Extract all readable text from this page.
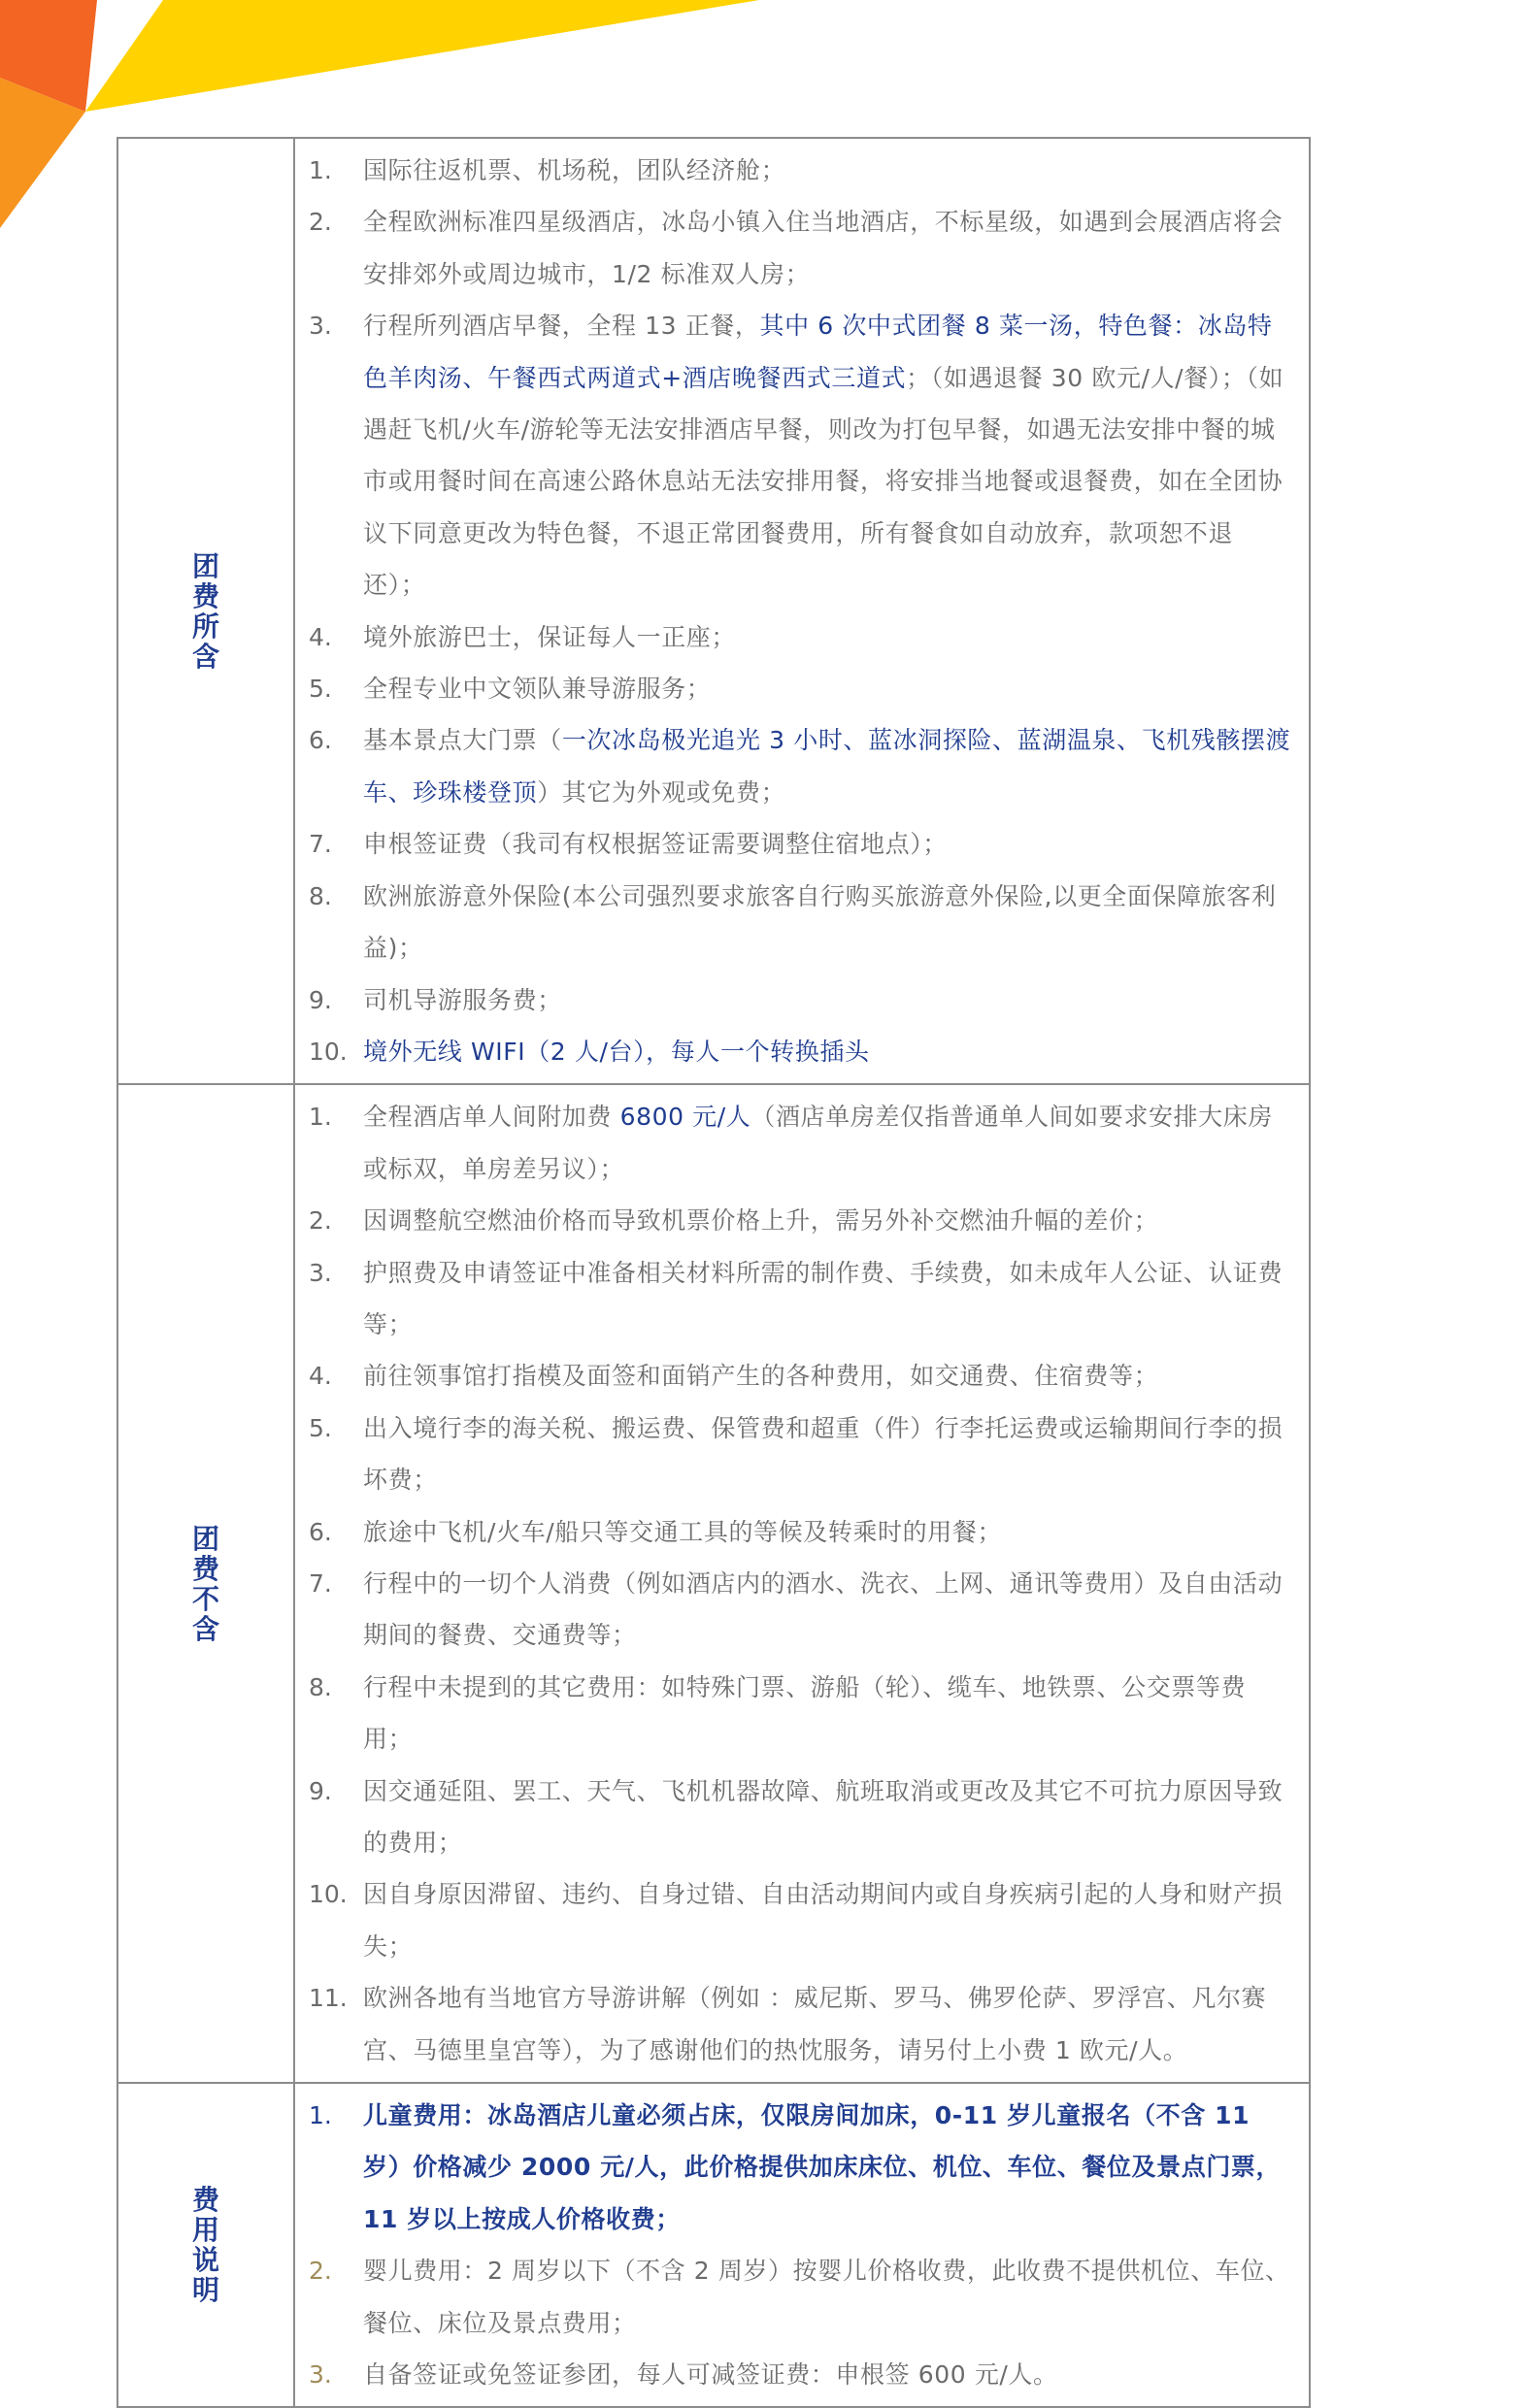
团费所含	
1.	国际往返机票、机场税，团队经济舱；
2.	全程欧洲标准四星级酒店，冰岛小镇入住当地酒店，不标星级，如遇到会展酒店将会安排郊外或周边城市，1/2 标准双人房；
3.	行程所列酒店早餐，全程 13 正餐，其中 6 次中式团餐 8 菜一汤，特色餐：冰岛特色羊肉汤、午餐西式两道式+酒店晚餐西式三道式；（如遇退餐 30 欧元/人/餐）；（如遇赶飞机/火车/游轮等无法安排酒店早餐，则改为打包早餐，如遇无法安排中餐的城市或用餐时间在高速公路休息站无法安排用餐，将安排当地餐或退餐费，如在全团协议下同意更改为特色餐，不退正常团餐费用，所有餐食如自动放弃，款项恕不退还）；
4.	境外旅游巴士，保证每人一正座；
5.	全程专业中文领队兼导游服务；
6.	基本景点大门票（一次冰岛极光追光 3 小时、蓝冰洞探险、蓝湖温泉、飞机残骸摆渡车、珍珠楼登顶）其它为外观或免费；
7.	申根签证费（我司有权根据签证需要调整住宿地点）；
8.	欧洲旅游意外保险(本公司强烈要求旅客自行购买旅游意外保险,以更全面保障旅客利益)；
9.	司机导游服务费；
10. 境外无线 WIFI（2 人/台），每人一个转换插头

团费不含	
1.	全程酒店单人间附加费 6800 元/人（酒店单房差仅指普通单人间如要求安排大床房或标双，单房差另议）；
2.	因调整航空燃油价格而导致机票价格上升，需另外补交燃油升幅的差价；
3.	护照费及申请签证中准备相关材料所需的制作费、手续费，如未成年人公证、认证费等；
4.	前往领事馆打指模及面签和面销产生的各种费用，如交通费、住宿费等；
5.	出入境行李的海关税、搬运费、保管费和超重（件）行李托运费或运输期间行李的损坏费；
6.	旅途中飞机/火车/船只等交通工具的等候及转乘时的用餐；
7.	行程中的一切个人消费（例如酒店内的酒水、洗衣、上网、通讯等费用）及自由活动期间的餐费、交通费等；
8.	行程中未提到的其它费用：如特殊门票、游船（轮）、缆车、地铁票、公交票等费用；
9.	因交通延阻、罢工、天气、飞机机器故障、航班取消或更改及其它不可抗力原因导致的费用；
10. 因自身原因滞留、违约、自身过错、自由活动期间内或自身疾病引起的人身和财产损失；
11. 欧洲各地有当地官方导游讲解（例如 ：威尼斯、罗马、佛罗伦萨、罗浮宫、凡尔赛宫、马德里皇宫等），为了感谢他们的热忱服务，请另付上小费 1 欧元/人。

费用说明	
1.	儿童费用：冰岛酒店儿童必须占床，仅限房间加床，0-11 岁儿童报名（不含 11 岁）价格减少 2000 元/人，此价格提供加床床位、机位、车位、餐位及景点门票，11 岁以上按成人价格收费；
2.	婴儿费用：2 周岁以下（不含 2 周岁）按婴儿价格收费，此收费不提供机位、车位、餐位、床位及景点费用；
3.	自备签证或免签证参团，每人可减签证费：申根签 600 元/人。
